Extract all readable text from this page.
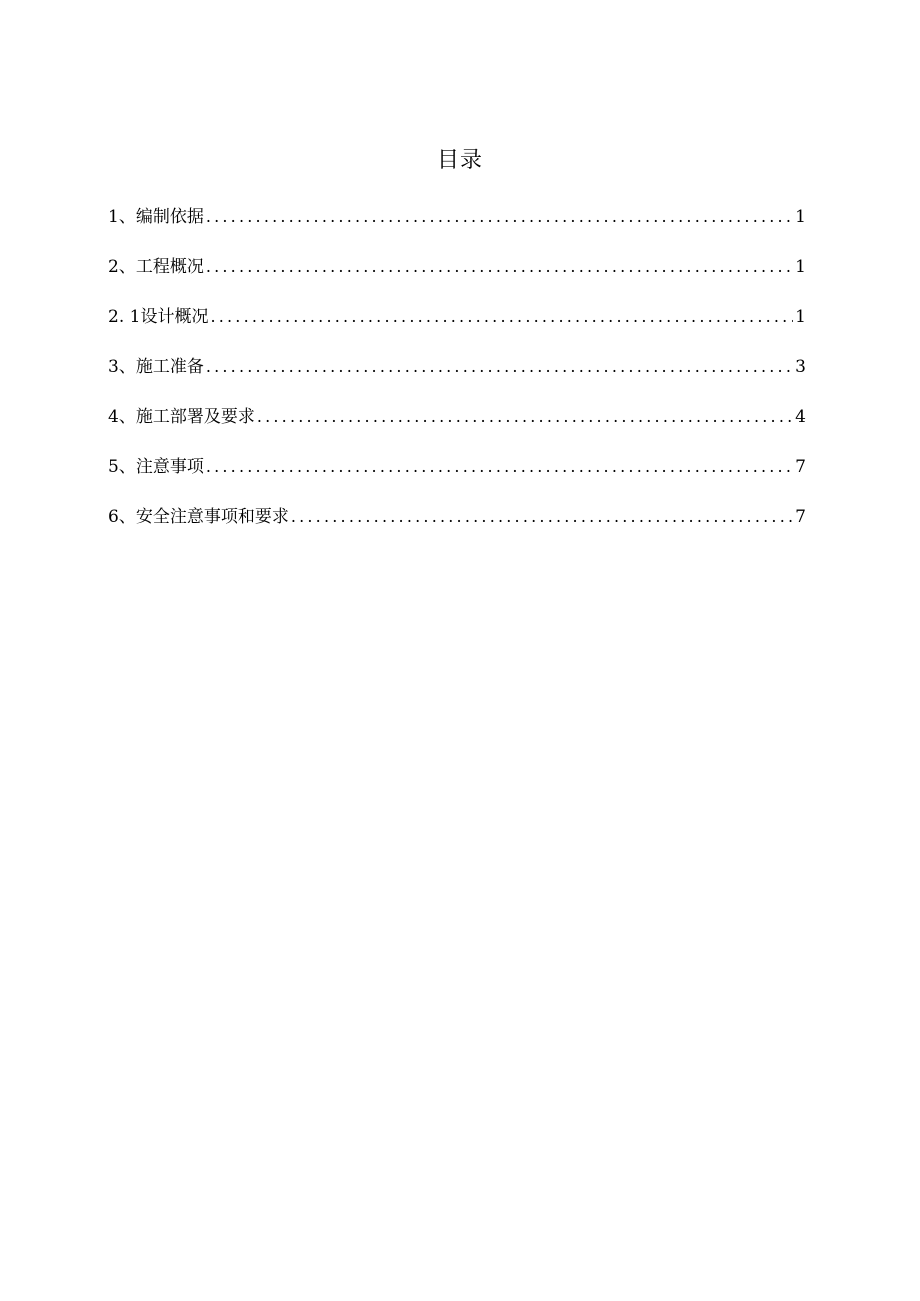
目录
1、编制依据 .....	1
2、工程概况 .....	1
2. 1设计概况 .....	1
3、施工准备 .....	3
4、施工部署及要求 .....	4
5、注意事项 .....	7
6、安全注意事项和要求 .....	7
